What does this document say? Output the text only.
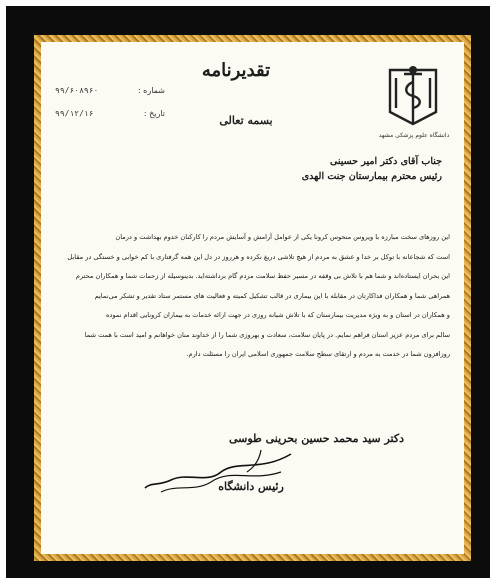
دانشگاه علوم پزشکی مشهد
تقدیرنامه
شماره :
۹۹/۶۰۸۹۶۰
تاریخ :
۹۹/۱۲/۱۶
بسمه تعالی
جناب آقای دکتر امیر حسینی
رئیس محترم بیمارستان جنت الهدی

این روزهای سخت مبارزه با ویروس منحوس کرونا یکی از عوامل آرامش و آسایش مردم را کارکنان خدوم بهداشت و درمان

است که شجاعانه با توکل بر خدا و عشق به مردم از هیچ تلاشی دریغ نکرده و هرروز در دل این همه گرفتاری با کم خوابی و خستگی در مقابل

این بحران ایستاده‌اند و شما هم با تلاش بی وقفه در مسیر حفظ سلامت مردم گام برداشته‌اید. بدینوسیله از زحمات شما و همکاران محترم

همراهی شما و همکاران فداکارتان در مقابله با این بیماری در قالب تشکیل کمیته و فعالیت های مستمر ستاد تقدیر و تشکر می‌نمایم

و همکاران در استان و به ویژه مدیریت بیمارستان که با تلاش شبانه روزی در جهت ارائه خدمات به بیماران کرونایی اقدام نموده

سالم برای مردم عزیز استان فراهم نمایم. در پایان سلامت، سعادت و بهروزی شما را از خداوند منان خواهانم و امید است با همت شما

روزافزون شما در خدمت به مردم و ارتقای سطح سلامت جمهوری اسلامی ایران را مسئلت دارم.

دکتر سید محمد حسین بحرینی طوسی
رئیس دانشگاه
